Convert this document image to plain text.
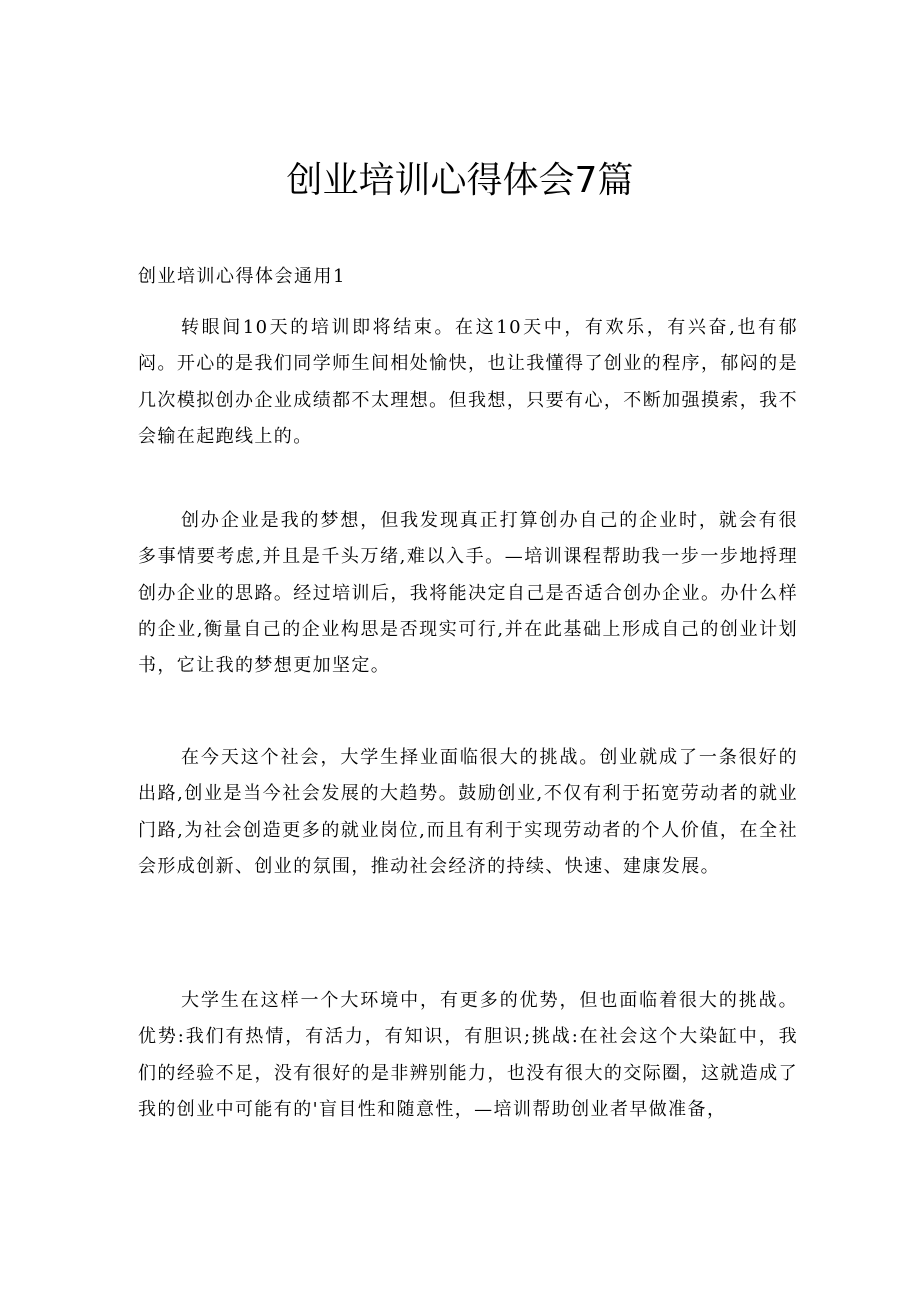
创业培训心得体会7篇

创业培训心得体会通用1

转眼间10天的培训即将结束。在这10天中，有欢乐，有兴奋,也有郁闷。开心的是我们同学师生间相处愉快，也让我懂得了创业的程序，郁闷的是几次模拟创办企业成绩都不太理想。但我想，只要有心，不断加强摸索，我不会输在起跑线上的。

创办企业是我的梦想，但我发现真正打算创办自己的企业时，就会有很多事情要考虑,并且是千头万绪,难以入手。—培训课程帮助我一步一步地捋理创办企业的思路。经过培训后，我将能决定自己是否适合创办企业。办什么样的企业,衡量自己的企业构思是否现实可行,并在此基础上形成自己的创业计划书，它让我的梦想更加坚定。

在今天这个社会，大学生择业面临很大的挑战。创业就成了一条很好的出路,创业是当今社会发展的大趋势。鼓励创业,不仅有利于拓宽劳动者的就业门路,为社会创造更多的就业岗位,而且有利于实现劳动者的个人价值，在全社会形成创新、创业的氛围，推动社会经济的持续、快速、建康发展。

大学生在这样一个大环境中，有更多的优势，但也面临着很大的挑战。优势:我们有热情，有活力，有知识，有胆识;挑战:在社会这个大染缸中，我们的经验不足，没有很好的是非辨别能力，也没有很大的交际圈，这就造成了我的创业中可能有的'盲目性和随意性，—培训帮助创业者早做准备，
